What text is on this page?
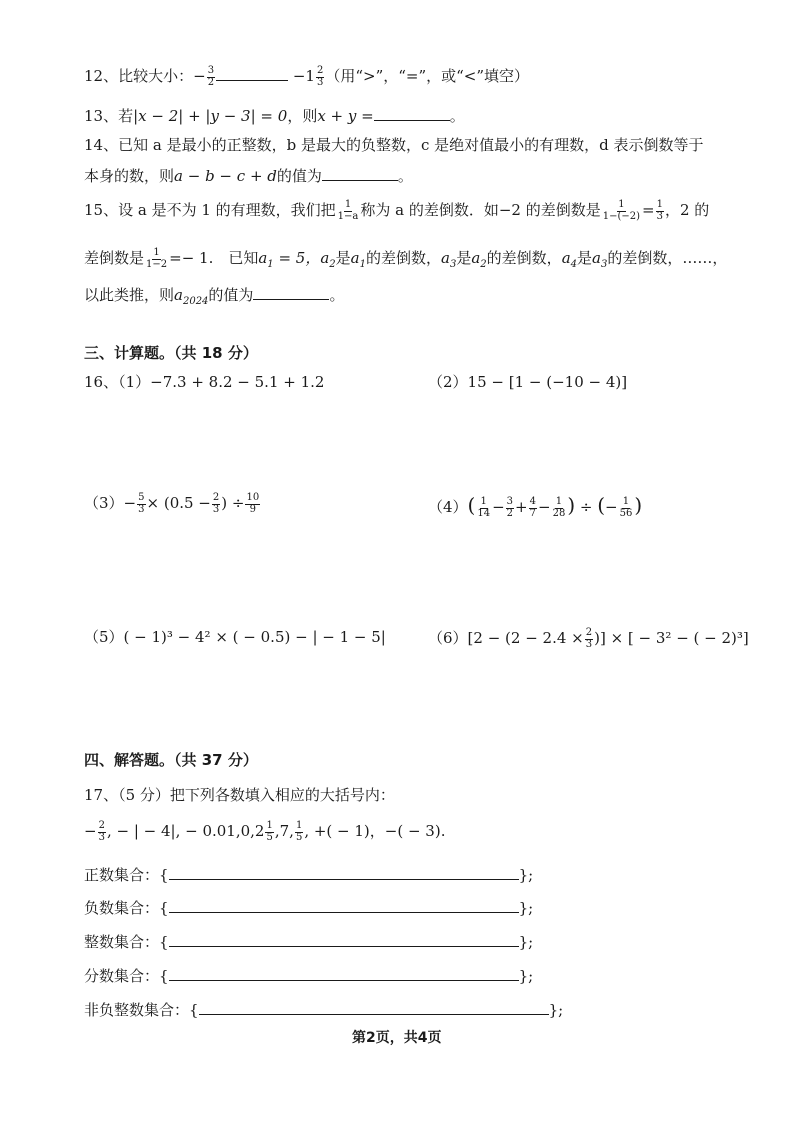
12、比较大小：− $\frac{3}{2}$	$-1 \frac{2}{3}$ （用“>”，“=”，或“<”填空）
13、若|x − 2| + |y − 3| = 0，则x + y =	。
14、已知 a 是最小的正整数，b 是最大的负整数，c 是绝对值最小的有理数，d 表示倒数等于
本身的数，则a − b − c + d的值为	。
15、设 a 是不为 1 的有理数，我们把 $\frac{1}{1-a}$ 称为 a 的差倒数．如−2 的差倒数是 $\frac{1}{1-(-2)} = \frac{1}{3}$ ，2 的
差倒数是 $\frac{1}{1-2} =- 1$.　已知$a_1 = 5$，$a_2$是$a_1$的差倒数，$a_3$是$a_2$的差倒数，$a_4$是$a_3$的差倒数，……，
以此类推，则$a_{2024}$的值为	。
三、计算题。（共 18 分）
16、（1）−7.3 + 8.2 − 5.1 + 1.2	（2）15 − [1 − (−10 − 4)]
$(3)- \frac{5}{3} \times (0.5 - \frac{2}{3}$ ) ÷ $\frac{10}{9}$	$(4)( \frac{1}{14} - \frac{3}{2} + \frac{4}{7} - \frac{1}{28}$ ) ÷ (− $\frac{1}{56}$ )
（5）( − 1)³ − 4² × ( − 0.5) − | − 1 − 5|	$(6)[2 - (2 - 2.4 \times \frac{2}{3}$ )] × [ − 3² − ( − 2)³]
四、解答题。（共 37 分）
17、（5 分）把下列各数填入相应的大括号内：
− $\frac{2}{3}$ , − | − 4|, − $0.01,0,2 \frac{1}{5} ,7$, $\frac{1}{5}$ , +( − 1)，−( − 3).
正数集合：{	};
负数集合：{	};
整数集合：{	};
分数集合：{	};
非负整数集合：{	};
第2页，共4页
